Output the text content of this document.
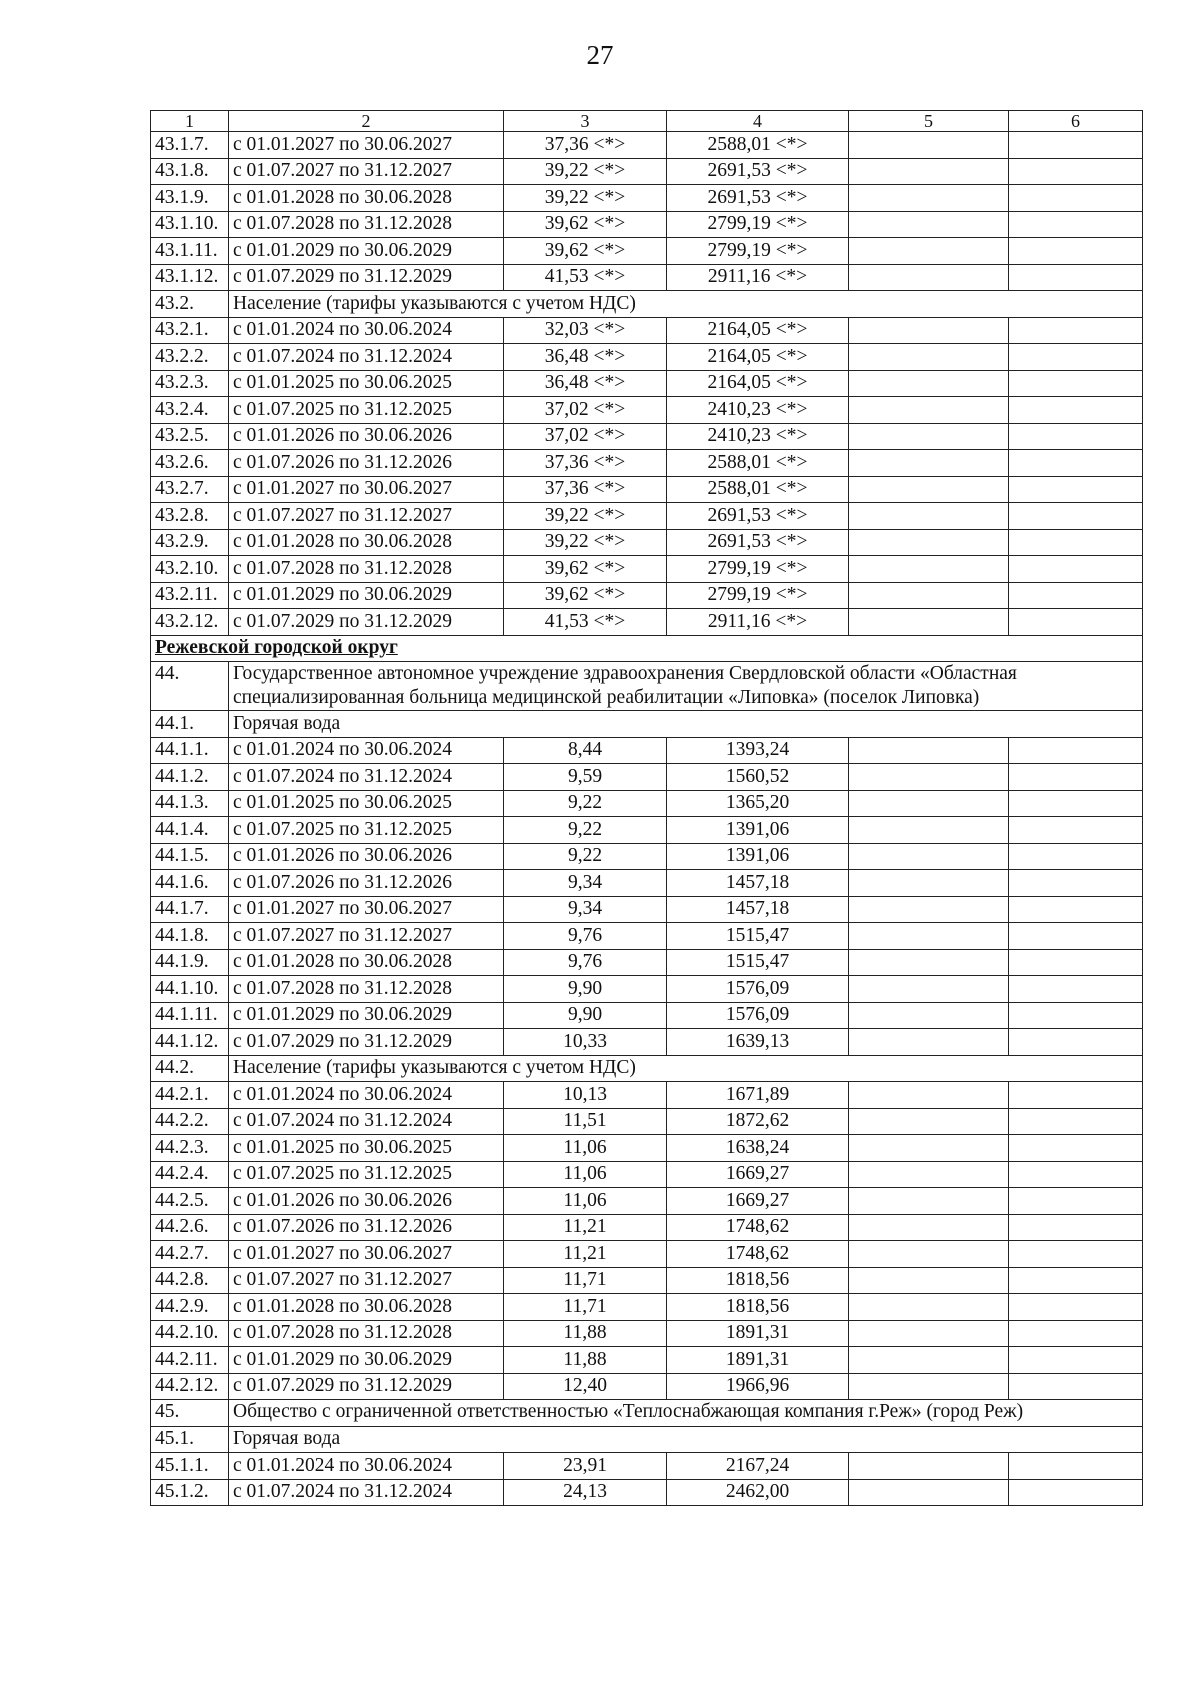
27
1	2	3	4	5	6
43.1.7.	с 01.01.2027 по 30.06.2027	37,36 <*>	2588,01 <*>		
43.1.8.	с 01.07.2027 по 31.12.2027	39,22 <*>	2691,53 <*>		
43.1.9.	с 01.01.2028 по 30.06.2028	39,22 <*>	2691,53 <*>		
43.1.10.	с 01.07.2028 по 31.12.2028	39,62 <*>	2799,19 <*>		
43.1.11.	с 01.01.2029 по 30.06.2029	39,62 <*>	2799,19 <*>		
43.1.12.	с 01.07.2029 по 31.12.2029	41,53 <*>	2911,16 <*>		
43.2.	Население (тарифы указываются с учетом НДС)				
43.2.1.	с 01.01.2024 по 30.06.2024	32,03 <*>	2164,05 <*>		
43.2.2.	с 01.07.2024 по 31.12.2024	36,48 <*>	2164,05 <*>		
43.2.3.	с 01.01.2025 по 30.06.2025	36,48 <*>	2164,05 <*>		
43.2.4.	с 01.07.2025 по 31.12.2025	37,02 <*>	2410,23 <*>		
43.2.5.	с 01.01.2026 по 30.06.2026	37,02 <*>	2410,23 <*>		
43.2.6.	с 01.07.2026 по 31.12.2026	37,36 <*>	2588,01 <*>		
43.2.7.	с 01.01.2027 по 30.06.2027	37,36 <*>	2588,01 <*>		
43.2.8.	с 01.07.2027 по 31.12.2027	39,22 <*>	2691,53 <*>		
43.2.9.	с 01.01.2028 по 30.06.2028	39,22 <*>	2691,53 <*>		
43.2.10.	с 01.07.2028 по 31.12.2028	39,62 <*>	2799,19 <*>		
43.2.11.	с 01.01.2029 по 30.06.2029	39,62 <*>	2799,19 <*>		
43.2.12.	с 01.07.2029 по 31.12.2029	41,53 <*>	2911,16 <*>		
Режевской городской округ					
44.	Государственное автономное учреждение здравоохранения Свердловской области «Областная специализированная больница медицинской реабилитации «Липовка» (поселок Липовка)				
44.1.	Горячая вода				
44.1.1.	с 01.01.2024 по 30.06.2024	8,44	1393,24		
44.1.2.	с 01.07.2024 по 31.12.2024	9,59	1560,52		
44.1.3.	с 01.01.2025 по 30.06.2025	9,22	1365,20		
44.1.4.	с 01.07.2025 по 31.12.2025	9,22	1391,06		
44.1.5.	с 01.01.2026 по 30.06.2026	9,22	1391,06		
44.1.6.	с 01.07.2026 по 31.12.2026	9,34	1457,18		
44.1.7.	с 01.01.2027 по 30.06.2027	9,34	1457,18		
44.1.8.	с 01.07.2027 по 31.12.2027	9,76	1515,47		
44.1.9.	с 01.01.2028 по 30.06.2028	9,76	1515,47		
44.1.10.	с 01.07.2028 по 31.12.2028	9,90	1576,09		
44.1.11.	с 01.01.2029 по 30.06.2029	9,90	1576,09		
44.1.12.	с 01.07.2029 по 31.12.2029	10,33	1639,13		
44.2.	Население (тарифы указываются с учетом НДС)				
44.2.1.	с 01.01.2024 по 30.06.2024	10,13	1671,89		
44.2.2.	с 01.07.2024 по 31.12.2024	11,51	1872,62		
44.2.3.	с 01.01.2025 по 30.06.2025	11,06	1638,24		
44.2.4.	с 01.07.2025 по 31.12.2025	11,06	1669,27		
44.2.5.	с 01.01.2026 по 30.06.2026	11,06	1669,27		
44.2.6.	с 01.07.2026 по 31.12.2026	11,21	1748,62		
44.2.7.	с 01.01.2027 по 30.06.2027	11,21	1748,62		
44.2.8.	с 01.07.2027 по 31.12.2027	11,71	1818,56		
44.2.9.	с 01.01.2028 по 30.06.2028	11,71	1818,56		
44.2.10.	с 01.07.2028 по 31.12.2028	11,88	1891,31		
44.2.11.	с 01.01.2029 по 30.06.2029	11,88	1891,31		
44.2.12.	с 01.07.2029 по 31.12.2029	12,40	1966,96		
45.	Общество с ограниченной ответственностью «Теплоснабжающая компания г.Реж» (город Реж)				
45.1.	Горячая вода				
45.1.1.	с 01.01.2024 по 30.06.2024	23,91	2167,24		
45.1.2.	с 01.07.2024 по 31.12.2024	24,13	2462,00		
